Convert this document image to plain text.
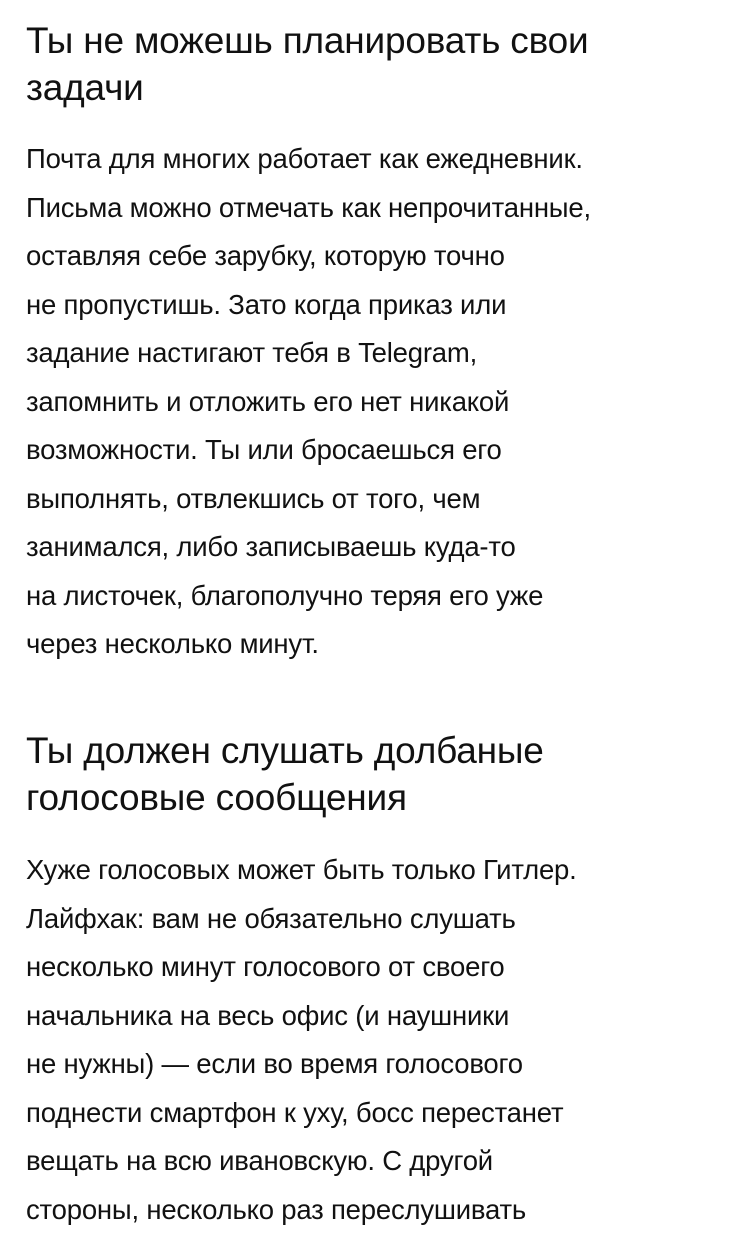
Ты не можешь планировать свои
задачи

Почта для многих работает как ежедневник.
Письма можно отмечать как непрочитанные,
оставляя себе зарубку, которую точно
не пропустишь. Зато когда приказ или
задание настигают тебя в Telegram,
запомнить и отложить его нет никакой
возможности. Ты или бросаешься его
выполнять, отвлекшись от того, чем
занимался, либо записываешь куда-то
на листочек, благополучно теряя его уже
через несколько минут.

Ты должен слушать долбаные
голосовые сообщения

Хуже голосовых может быть только Гитлер.
Лайфхак: вам не обязательно слушать
несколько минут голосового от своего
начальника на весь офис (и наушники
не нужны) — если во время голосового
поднести смартфон к уху, босс перестанет
вещать на всю ивановскую. С другой
стороны, несколько раз переслушивать
